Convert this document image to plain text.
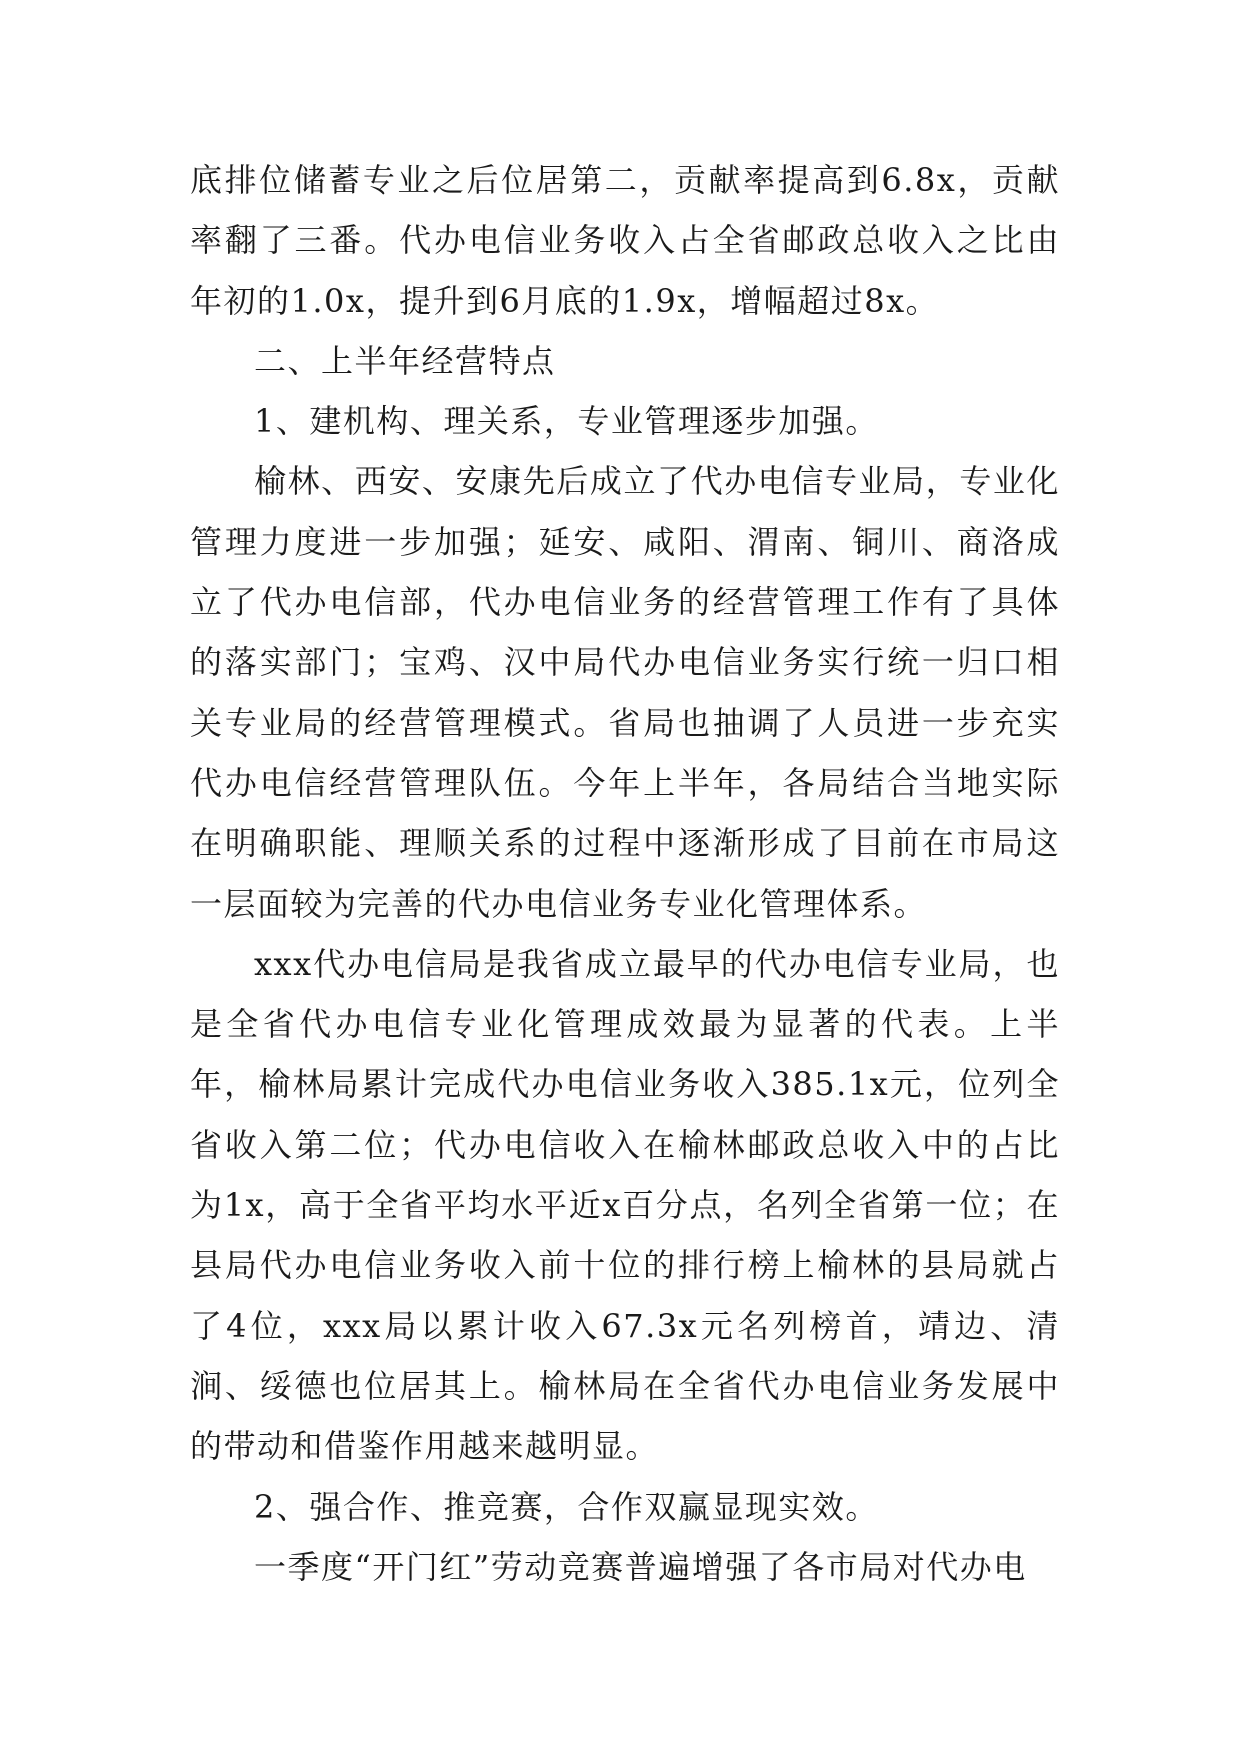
底排位储蓄专业之后位居第二，贡献率提高到6.8x，贡献率翻了三番。代办电信业务收入占全省邮政总收入之比由年初的1.0x，提升到6月底的1.9x，增幅超过8x。

二、上半年经营特点

1、建机构、理关系，专业管理逐步加强。

榆林、西安、安康先后成立了代办电信专业局，专业化管理力度进一步加强；延安、咸阳、渭南、铜川、商洛成立了代办电信部，代办电信业务的经营管理工作有了具体的落实部门；宝鸡、汉中局代办电信业务实行统一归口相关专业局的经营管理模式。省局也抽调了人员进一步充实代办电信经营管理队伍。今年上半年，各局结合当地实际在明确职能、理顺关系的过程中逐渐形成了目前在市局这一层面较为完善的代办电信业务专业化管理体系。

xxx代办电信局是我省成立最早的代办电信专业局，也是全省代办电信专业化管理成效最为显著的代表。上半年，榆林局累计完成代办电信业务收入385.1x元，位列全省收入第二位；代办电信收入在榆林邮政总收入中的占比为1x，高于全省平均水平近x百分点，名列全省第一位；在县局代办电信业务收入前十位的排行榜上榆林的县局就占了4位，xxx局以累计收入67.3x元名列榜首，靖边、清涧、绥德也位居其上。榆林局在全省代办电信业务发展中的带动和借鉴作用越来越明显。

2、强合作、推竞赛，合作双赢显现实效。

一季度“开门红”劳动竞赛普遍增强了各市局对代办电
